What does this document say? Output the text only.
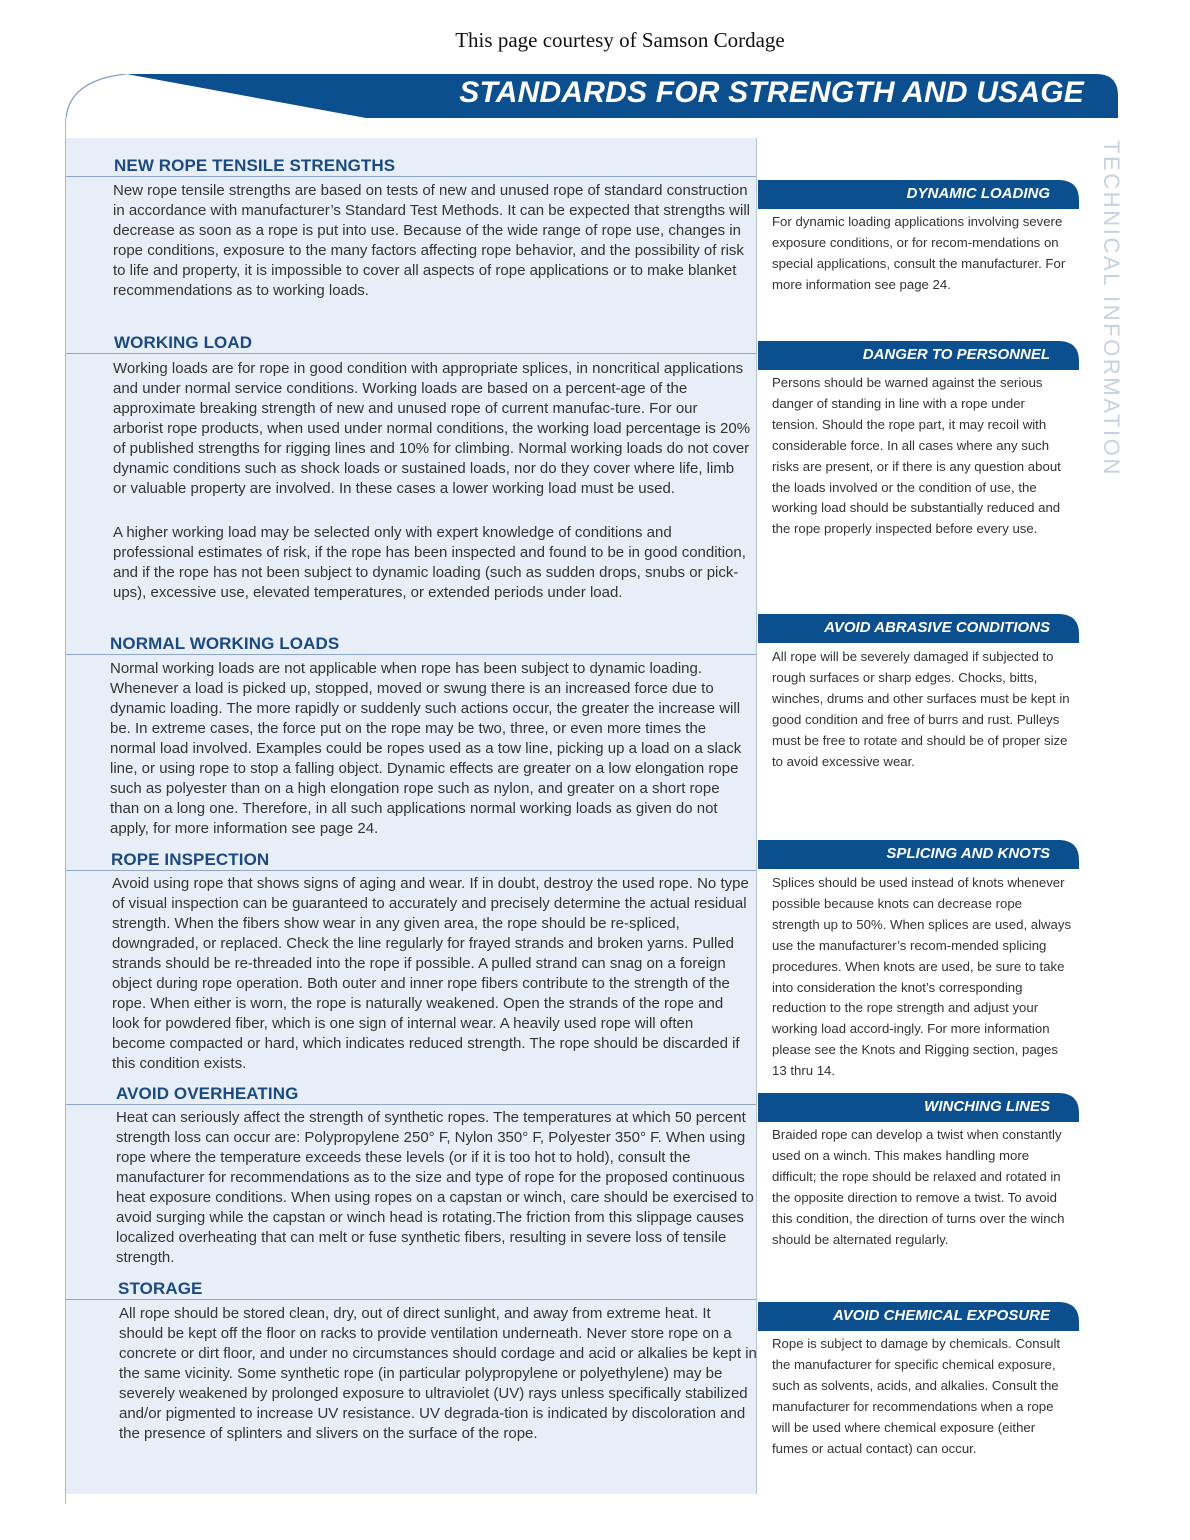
This page courtesy of Samson Cordage
STANDARDS FOR STRENGTH AND USAGE
TECHNICAL INFORMATION
NEW ROPE TENSILE STRENGTHS

New rope tensile strengths are based on tests of new and unused rope of standard construction in accordance with manufacturer’s Standard Test Methods. It can be expected that strengths will decrease as soon as a rope is put into use. Because of the wide range of rope use, changes in rope conditions, exposure to the many factors affecting rope behavior, and the possibility of risk to life and property, it is impossible to cover all aspects of rope applications or to make blanket recommendations as to working loads.

WORKING LOAD

Working loads are for rope in good condition with appropriate splices, in noncritical applications and under normal service conditions. Working loads are based on a percent-age of the approximate breaking strength of new and unused rope of current manufac-ture. For our arborist rope products, when used under normal conditions, the working load percentage is 20% of published strengths for rigging lines and 10% for climbing. Normal working loads do not cover dynamic conditions such as shock loads or sustained loads, nor do they cover where life, limb or valuable property are involved. In these cases a lower working load must be used.

A higher working load may be selected only with expert knowledge of conditions and professional estimates of risk, if the rope has been inspected and found to be in good condition, and if the rope has not been subject to dynamic loading (such as sudden drops, snubs or pick-ups), excessive use, elevated temperatures, or extended periods under load.

NORMAL WORKING LOADS

Normal working loads are not applicable when rope has been subject to dynamic loading. Whenever a load is picked up, stopped, moved or swung there is an increased force due to dynamic loading. The more rapidly or suddenly such actions occur, the greater the increase will be. In extreme cases, the force put on the rope may be two, three, or even more times the normal load involved. Examples could be ropes used as a tow line, picking up a load on a slack line, or using rope to stop a falling object. Dynamic effects are greater on a low elongation rope such as polyester than on a high elongation rope such as nylon, and greater on a short rope than on a long one. Therefore, in all such applications normal working loads as given do not apply, for more information see page 24.

ROPE INSPECTION

Avoid using rope that shows signs of aging and wear. If in doubt, destroy the used rope. No type of visual inspection can be guaranteed to accurately and precisely determine the actual residual strength. When the fibers show wear in any given area, the rope should be re-spliced, downgraded, or replaced. Check the line regularly for frayed strands and broken yarns. Pulled strands should be re-threaded into the rope if possible. A pulled strand can snag on a foreign object during rope operation. Both outer and inner rope fibers contribute to the strength of the rope. When either is worn, the rope is naturally weakened. Open the strands of the rope and look for powdered fiber, which is one sign of internal wear. A heavily used rope will often become compacted or hard, which indicates reduced strength. The rope should be discarded if this condition exists.

AVOID OVERHEATING

Heat can seriously affect the strength of synthetic ropes. The temperatures at which 50 percent strength loss can occur are: Polypropylene 250° F, Nylon 350° F, Polyester 350° F. When using rope where the temperature exceeds these levels (or if it is too hot to hold), consult the manufacturer for recommendations as to the size and type of rope for the proposed continuous heat exposure conditions. When using ropes on a capstan or winch, care should be exercised to avoid surging while the capstan or winch head is rotating.The friction from this slippage causes localized overheating that can melt or fuse synthetic fibers, resulting in severe loss of tensile strength.

STORAGE

All rope should be stored clean, dry, out of direct sunlight, and away from extreme heat. It should be kept off the floor on racks to provide ventilation underneath. Never store rope on a concrete or dirt floor, and under no circumstances should cordage and acid or alkalies be kept in the same vicinity. Some synthetic rope (in particular polypropylene or polyethylene) may be severely weakened by prolonged exposure to ultraviolet (UV) rays unless specifically stabilized and/or pigmented to increase UV resistance. UV degrada-tion is indicated by discoloration and the presence of splinters and slivers on the surface of the rope.

DYNAMIC LOADING

For dynamic loading applications involving severe exposure conditions, or for recom-mendations on special applications, consult the manufacturer. For more information see page 24.

DANGER TO PERSONNEL

Persons should be warned against the serious danger of standing in line with a rope under tension. Should the rope part, it may recoil with considerable force. In all cases where any such risks are present, or if there is any question about the loads involved or the condition of use, the working load should be substantially reduced and the rope properly inspected before every use.

AVOID ABRASIVE CONDITIONS

All rope will be severely damaged if subjected to rough surfaces or sharp edges. Chocks, bitts, winches, drums and other surfaces must be kept in good condition and free of burrs and rust. Pulleys must be free to rotate and should be of proper size to avoid excessive wear.

SPLICING AND KNOTS

Splices should be used instead of knots whenever possible because knots can decrease rope strength up to 50%. When splices are used, always use the manufacturer’s recom-mended splicing procedures. When knots are used, be sure to take into consideration the knot’s corresponding reduction to the rope strength and adjust your working load accord-ingly. For more information please see the Knots and Rigging section, pages 13 thru 14.

WINCHING LINES

Braided rope can develop a twist when constantly used on a winch. This makes handling more difficult; the rope should be relaxed and rotated in the opposite direction to remove a twist. To avoid this condition, the direction of turns over the winch should be alternated regularly.

AVOID CHEMICAL EXPOSURE

Rope is subject to damage by chemicals. Consult the manufacturer for specific chemical exposure, such as solvents, acids, and alkalies. Consult the manufacturer for recommendations when a rope will be used where chemical exposure (either fumes or actual contact) can occur.
